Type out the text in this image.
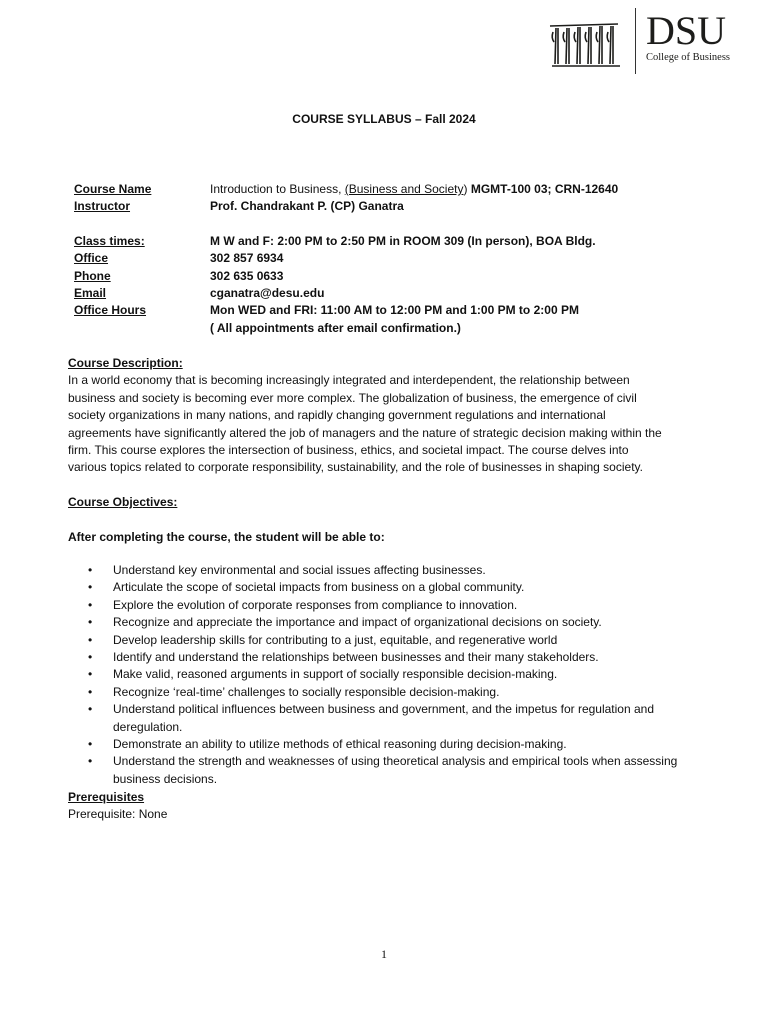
DSU
College of Business
COURSE SYLLABUS – Fall 2024
Course Name	Introduction to Business, (Business and Society) MGMT-100 03; CRN-12640
Instructor	Prof. Chandrakant P. (CP) Ganatra
Class times:	M W and F: 2:00 PM to 2:50 PM in ROOM 309 (In person), BOA Bldg.
Office	302 857 6934
Phone	302 635 0633
Email	cganatra@desu.edu
Office Hours	Mon WED and FRI: 11:00 AM to 12:00 PM and 1:00 PM to 2:00 PM
( All appointments after email confirmation.)
Course Description:
In a world economy that is becoming increasingly integrated and interdependent, the relationship between
business and society is becoming ever more complex. The globalization of business, the emergence of civil
society organizations in many nations, and rapidly changing government regulations and international
agreements have significantly altered the job of managers and the nature of strategic decision making within the
firm. This course explores the intersection of business, ethics, and societal impact. The course delves into
various topics related to corporate responsibility, sustainability, and the role of businesses in shaping society.
Course Objectives:
After completing the course, the student will be able to:
• Understand key environmental and social issues affecting businesses.
• Articulate the scope of societal impacts from business on a global community.
• Explore the evolution of corporate responses from compliance to innovation.
• Recognize and appreciate the importance and impact of organizational decisions on society.
• Develop leadership skills for contributing to a just, equitable, and regenerative world
• Identify and understand the relationships between businesses and their many stakeholders.
• Make valid, reasoned arguments in support of socially responsible decision-making.
• Recognize ‘real-time’ challenges to socially responsible decision-making.
• Understand political influences between business and government, and the impetus for regulation and deregulation.
• Demonstrate an ability to utilize methods of ethical reasoning during decision-making.
• Understand the strength and weaknesses of using theoretical analysis and empirical tools when assessing business decisions.
Prerequisites
Prerequisite: None
1
